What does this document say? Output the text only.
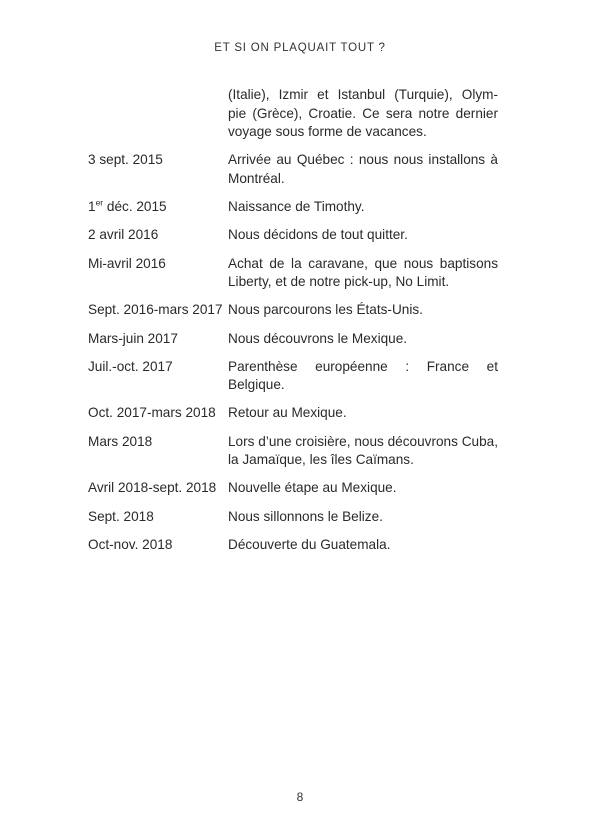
ET SI ON PLAQUAIT TOUT ?
(Italie), Izmir et Istanbul (Turquie), Olym-
pie (Grèce), Croatie. Ce sera notre dernier
voyage sous forme de vacances.
3 sept. 2015	Arrivée au Québec : nous nous installons à
Montréal.
1er déc. 2015	Naissance de Timothy.
2 avril 2016	Nous décidons de tout quitter.
Mi-avril 2016	Achat de la caravane, que nous baptisons
Liberty, et de notre pick-up, No Limit.
Sept. 2016-mars 2017 Nous parcourons les États-Unis.
Mars-juin 2017	Nous découvrons le Mexique.
Juil.-oct. 2017	Parenthèse européenne : France et Belgique.
Oct. 2017-mars 2018 Retour au Mexique.
Mars 2018	Lors d’une croisière, nous découvrons Cuba,
la Jamaïque, les îles Caïmans.
Avril 2018-sept. 2018 Nouvelle étape au Mexique.
Sept. 2018	Nous sillonnons le Belize.
Oct-nov. 2018	Découverte du Guatemala.
8
